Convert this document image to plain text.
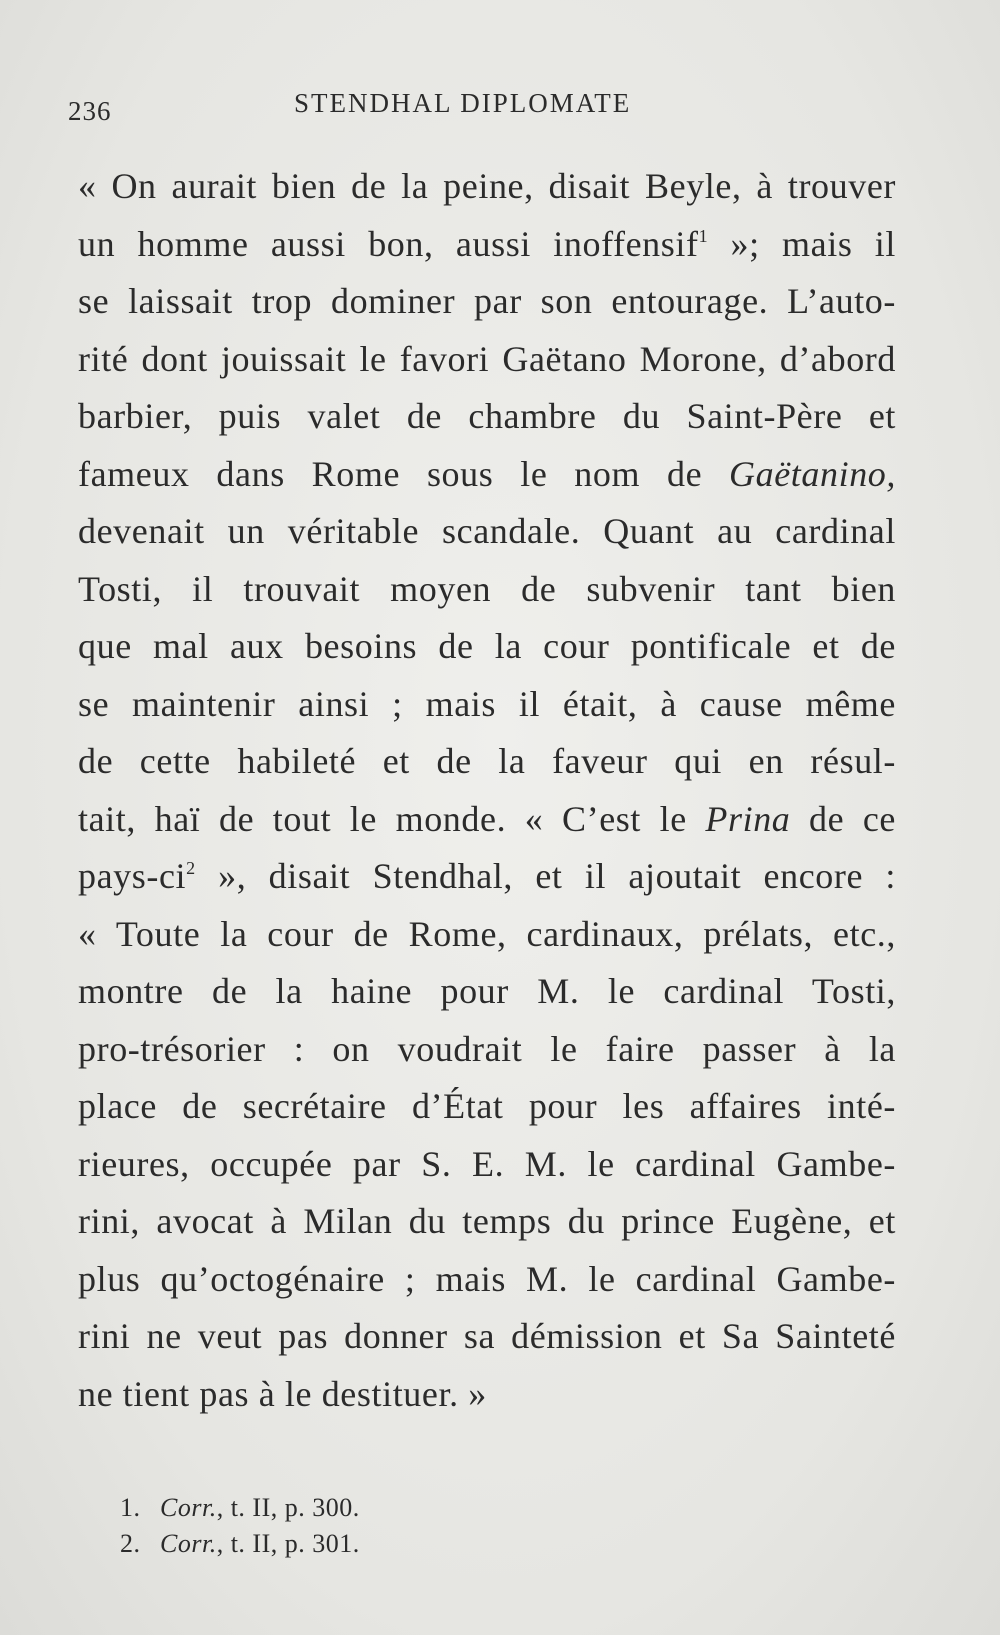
236	STENDHAL DIPLOMATE
« On aurait bien de la peine, disait Beyle, à trouver
un homme aussi bon, aussi inoffensif$^1$ »; mais il
se laissait trop dominer par son entourage. L’auto-
rité dont jouissait le favori Gaëtano Morone, d’abord
barbier, puis valet de chambre du Saint-Père et
fameux dans Rome sous le nom de Gaëtanino,
devenait un véritable scandale. Quant au cardinal
Tosti, il trouvait moyen de subvenir tant bien
que mal aux besoins de la cour pontificale et de
se maintenir ainsi ; mais il était, à cause même
de cette habileté et de la faveur qui en résul-
tait, haï de tout le monde. « C’est le Prina de ce
pays-$ci^2$ », disait Stendhal, et il ajoutait encore :
« Toute la cour de Rome, cardinaux, prélats, etc.,
montre de la haine pour M. le cardinal Tosti,
pro-trésorier : on voudrait le faire passer à la
place de secrétaire d’État pour les affaires inté-
rieures, occupée par S. E. M. le cardinal Gambe-
rini, avocat à Milan du temps du prince Eugène, et
plus qu’octogénaire ; mais M. le cardinal Gambe-
rini ne veut pas donner sa démission et Sa Sainteté
ne tient pas à le destituer. »
1. Corr., t. II, p. 300.
2. Corr., t. II, p. 301.
